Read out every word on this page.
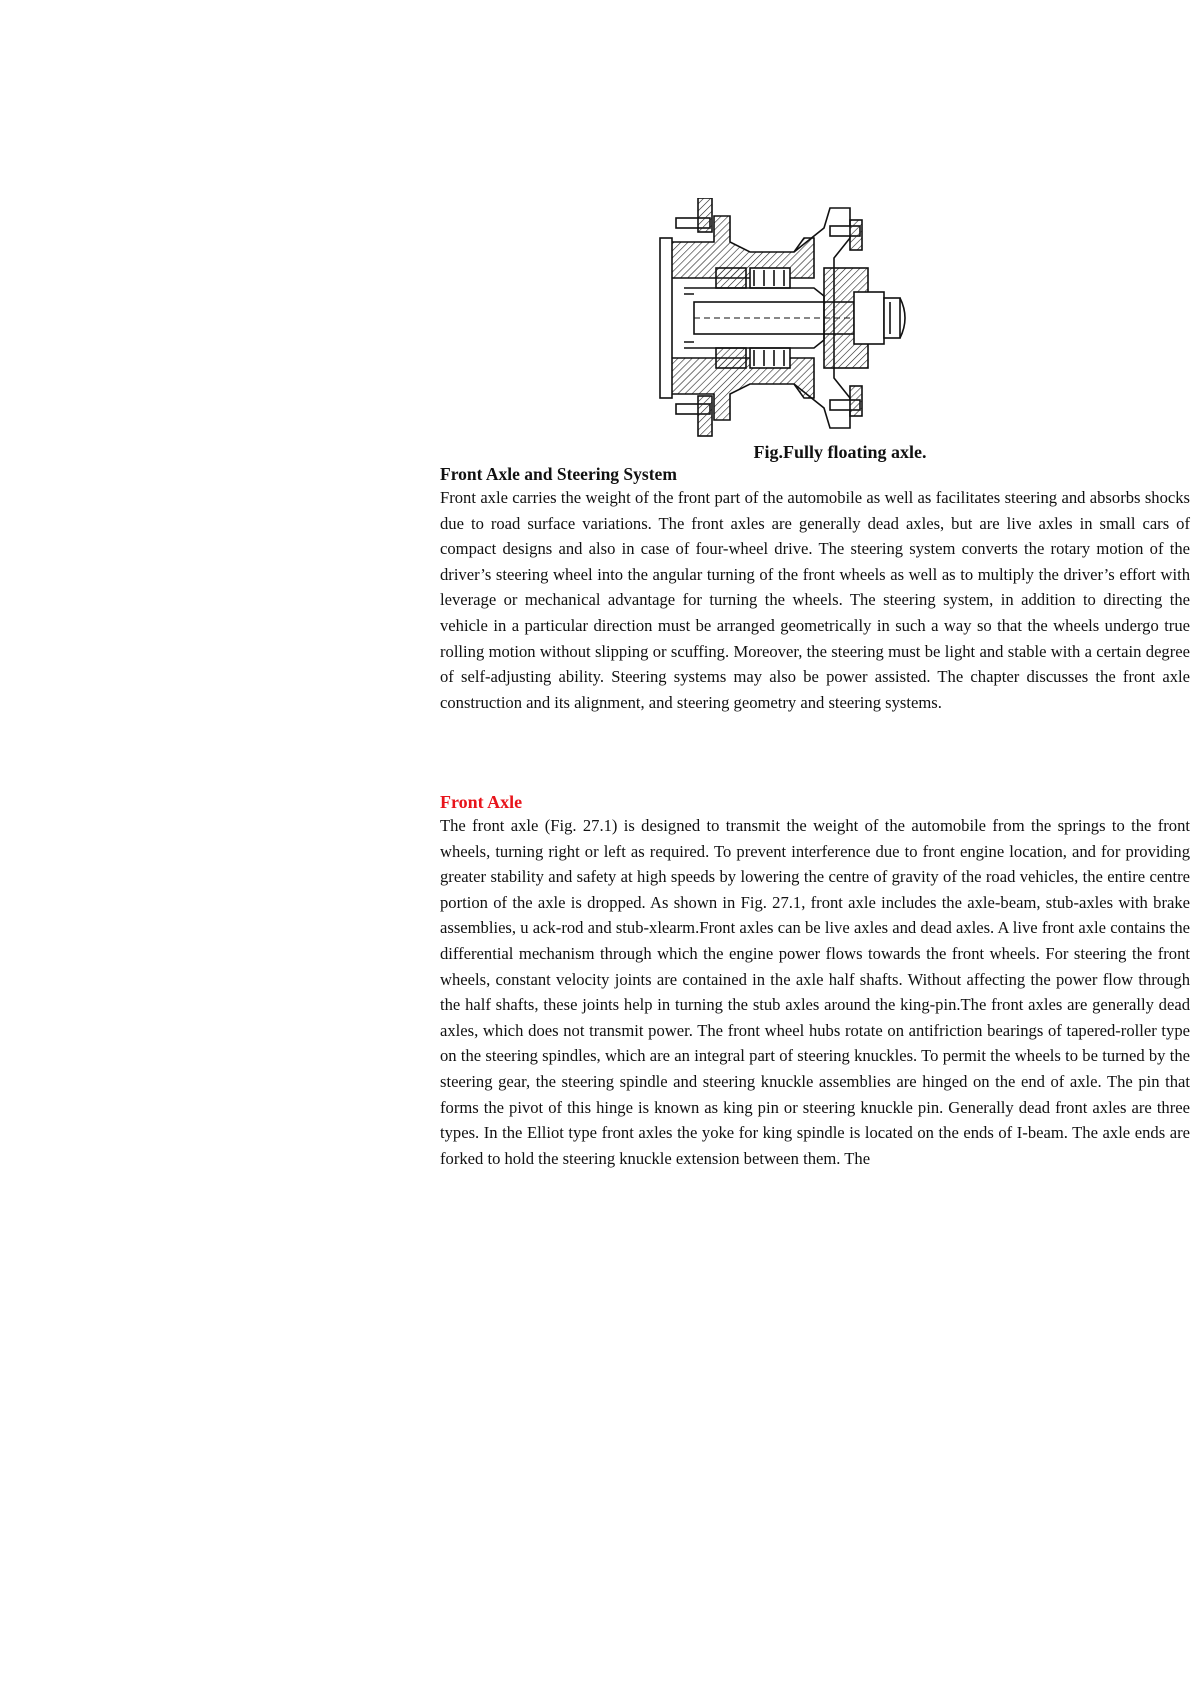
Fig.Fully floating axle.
Front Axle and Steering System

Front axle carries the weight of the front part of the automobile as well as facilitates steering and absorbs shocks due to road surface variations. The front axles are generally dead axles, but are live axles in small cars of compact designs and also in case of four-wheel drive. The steering system converts the rotary motion of the driver’s steering wheel into the angular turning of the front wheels as well as to multiply the driver’s effort with leverage or mechanical advantage for turning the wheels. The steering system, in addition to directing the vehicle in a particular direction must be arranged geometrically in such a way so that the wheels undergo true rolling motion without slipping or scuffing. Moreover, the steering must be light and stable with a certain degree of self-adjusting ability. Steering systems may also be power assisted. The chapter discusses the front axle construction and its alignment, and steering geometry and steering systems.

Front Axle

The front axle (Fig. 27.1) is designed to transmit the weight of the automobile from the springs to the front wheels, turning right or left as required. To prevent interference due to front engine location, and for providing greater stability and safety at high speeds by lowering the centre of gravity of the road vehicles, the entire centre portion of the axle is dropped. As shown in Fig. 27.1, front axle includes the axle-beam, stub-axles with brake assemblies, u ack-rod and stub-xlearm.Front axles can be live axles and dead axles. A live front axle contains the differential mechanism through which the engine power flows towards the front wheels. For steering the front wheels, constant velocity joints are contained in the axle half shafts. Without affecting the power flow through the half shafts, these joints help in turning the stub axles around the king-pin.The front axles are generally dead axles, which does not transmit power. The front wheel hubs rotate on antifriction bearings of tapered-roller type on the steering spindles, which are an integral part of steering knuckles. To permit the wheels to be turned by the steering gear, the steering spindle and steering knuckle assemblies are hinged on the end of axle. The pin that forms the pivot of this hinge is known as king pin or steering knuckle pin. Generally dead front axles are three types. In the Elliot type front axles the yoke for king spindle is located on the ends of I-beam. The axle ends are forked to hold the steering knuckle extension between them. The
